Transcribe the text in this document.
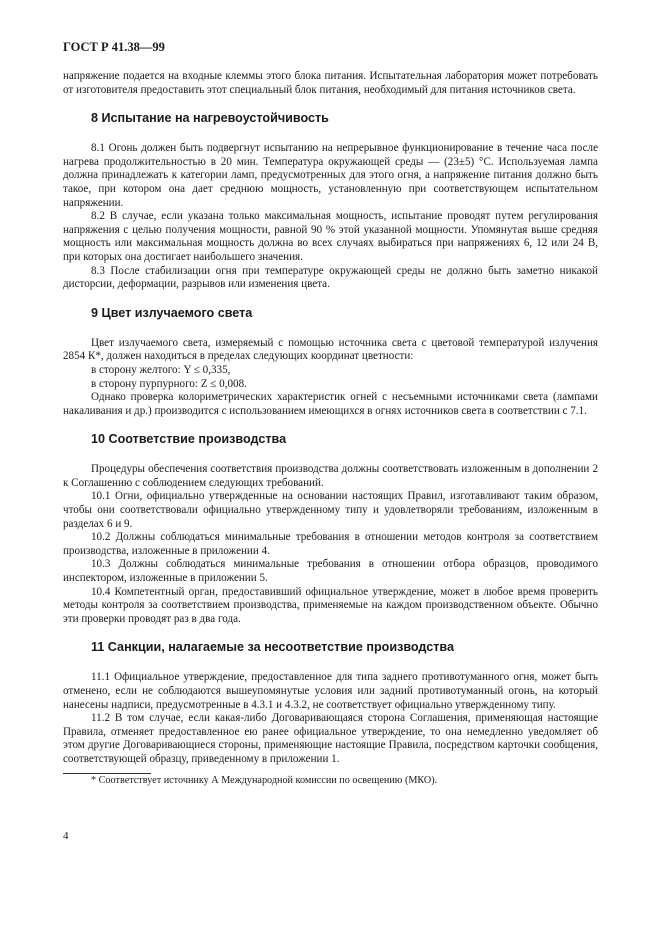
ГОСТ Р 41.38—99

напряжение подается на входные клеммы этого блока питания. Испытательная лаборатория может потребовать от изготовителя предоставить этот специальный блок питания, необходимый для питания источников света.

8 Испытание на нагревоустойчивость

8.1 Огонь должен быть подвергнут испытанию на непрерывное функционирование в течение часа после нагрева продолжительностью в 20 мин. Температура окружающей среды — (23±5) °С. Используемая лампа должна принадлежать к категории ламп, предусмотренных для этого огня, а напряжение питания должно быть такое, при котором она дает среднюю мощность, установленную при соответствующем испытательном напряжении.

8.2 В случае, если указана только максимальная мощность, испытание проводят путем регулирования напряжения с целью получения мощности, равной 90 % этой указанной мощности. Упомянутая выше средняя мощность или максимальная мощность должна во всех случаях выбираться при напряжениях 6, 12 или 24 В, при которых она достигает наибольшего значения.

8.3 После стабилизации огня при температуре окружающей среды не должно быть заметно никакой дисторсии, деформации, разрывов или изменения цвета.

9 Цвет излучаемого света

Цвет излучаемого света, измеряемый с помощью источника света с цветовой температурой излучения 2854 К*, должен находиться в пределах следующих координат цветности:

в сторону желтого: Y ≤ 0,335,

в сторону пурпурного: Z ≤ 0,008.

Однако проверка колориметрических характеристик огней с несъемными источниками света (лампами накаливания и др.) производится с использованием имеющихся в огнях источников света в соответствии с 7.1.

10 Соответствие производства

Процедуры обеспечения соответствия производства должны соответствовать изложенным в дополнении 2 к Соглашению с соблюдением следующих требований.

10.1 Огни, официально утвержденные на основании настоящих Правил, изготавливают таким образом, чтобы они соответствовали официально утвержденному типу и удовлетворяли требованиям, изложенным в разделах 6 и 9.

10.2 Должны соблюдаться минимальные требования в отношении методов контроля за соответствием производства, изложенные в приложении 4.

10.3 Должны соблюдаться минимальные требования в отношении отбора образцов, проводимого инспектором, изложенные в приложении 5.

10.4 Компетентный орган, предоставивший официальное утверждение, может в любое время проверить методы контроля за соответствием производства, применяемые на каждом производственном объекте. Обычно эти проверки проводят раз в два года.

11 Санкции, налагаемые за несоответствие производства

11.1 Официальное утверждение, предоставленное для типа заднего противотуманного огня, может быть отменено, если не соблюдаются вышеупомянутые условия или задний противотуманный огонь, на который нанесены надписи, предусмотренные в 4.3.1 и 4.3.2, не соответствует официально утвержденному типу.

11.2 В том случае, если какая-либо Договаривающаяся сторона Соглашения, применяющая настоящие Правила, отменяет предоставленное ею ранее официальное утверждение, то она немедленно уведомляет об этом другие Договаривающиеся стороны, применяющие настоящие Правила, посредством карточки сообщения, соответствующей образцу, приведенному в приложении 1.

* Соответствует источнику А Международной комиссии по освещению (МКО).

4
